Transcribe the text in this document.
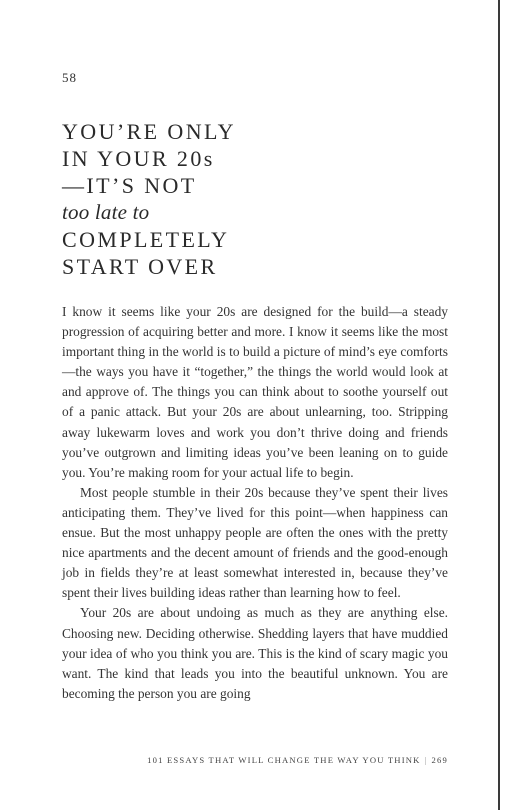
58
YOU’RE ONLY
IN YOUR 20s
—IT’S NOT
too late to
COMPLETELY
START OVER

I know it seems like your 20s are designed for the build—a steady progression of acquiring better and more. I know it seems like the most important thing in the world is to build a picture of mind’s eye comforts—the ways you have it “together,” the things the world would look at and approve of. The things you can think about to soothe yourself out of a panic attack. But your 20s are about unlearning, too. Stripping away lukewarm loves and work you don’t thrive doing and friends you’ve outgrown and limiting ideas you’ve been leaning on to guide you. You’re making room for your actual life to begin.

Most people stumble in their 20s because they’ve spent their lives anticipating them. They’ve lived for this point—when happiness can ensue. But the most unhappy people are often the ones with the pretty nice apartments and the decent amount of friends and the good-enough job in fields they’re at least somewhat interested in, because they’ve spent their lives building ideas rather than learning how to feel.

Your 20s are about undoing as much as they are anything else. Choosing new. Deciding otherwise. Shedding layers that have muddied your idea of who you think you are. This is the kind of scary magic you want. The kind that leads you into the beautiful unknown. You are becoming the person you are going

101 ESSAYS THAT WILL CHANGE THE WAY YOU THINK | 269
